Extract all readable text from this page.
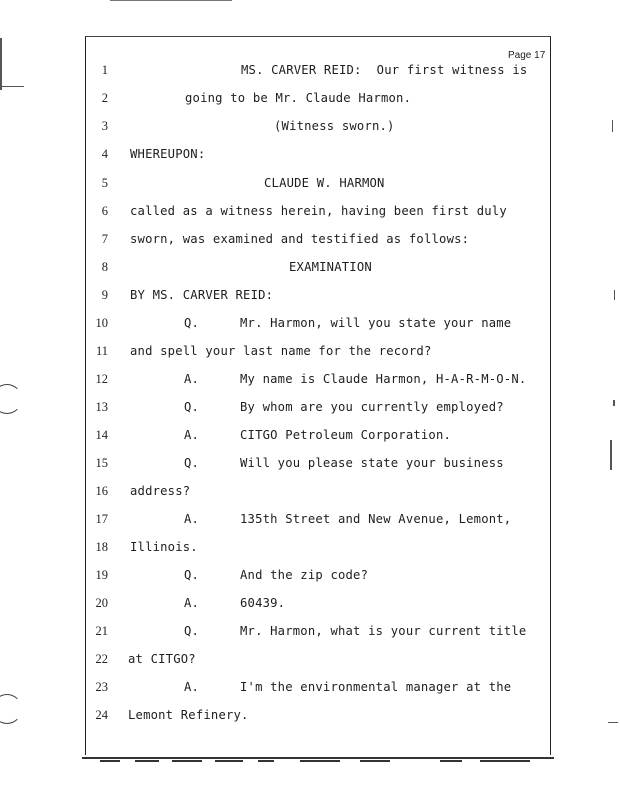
Page 17
1	MS. CARVER REID:  Our first witness is
2	going to be Mr. Claude Harmon.
3	(Witness sworn.)
4 WHEREUPON:
5	CLAUDE W. HARMON
6 called as a witness herein, having been first duly
7 sworn, was examined and testified as follows:
8	EXAMINATION
9 BY MS. CARVER REID:
10	Q.	Mr. Harmon, will you state your name
11 and spell your last name for the record?
12	A.	My name is Claude Harmon, H-A-R-M-O-N.
13	Q.	By whom are you currently employed?
14	A.	CITGO Petroleum Corporation.
15	Q.	Will you please state your business
16 address?
17	A.	135th Street and New Avenue, Lemont,
18 Illinois.
19	Q.	And the zip code?
20	A.	60439.
21	Q.	Mr. Harmon, what is your current title
22 at CITGO?
23	A.	I'm the environmental manager at the
24 Lemont Refinery.
